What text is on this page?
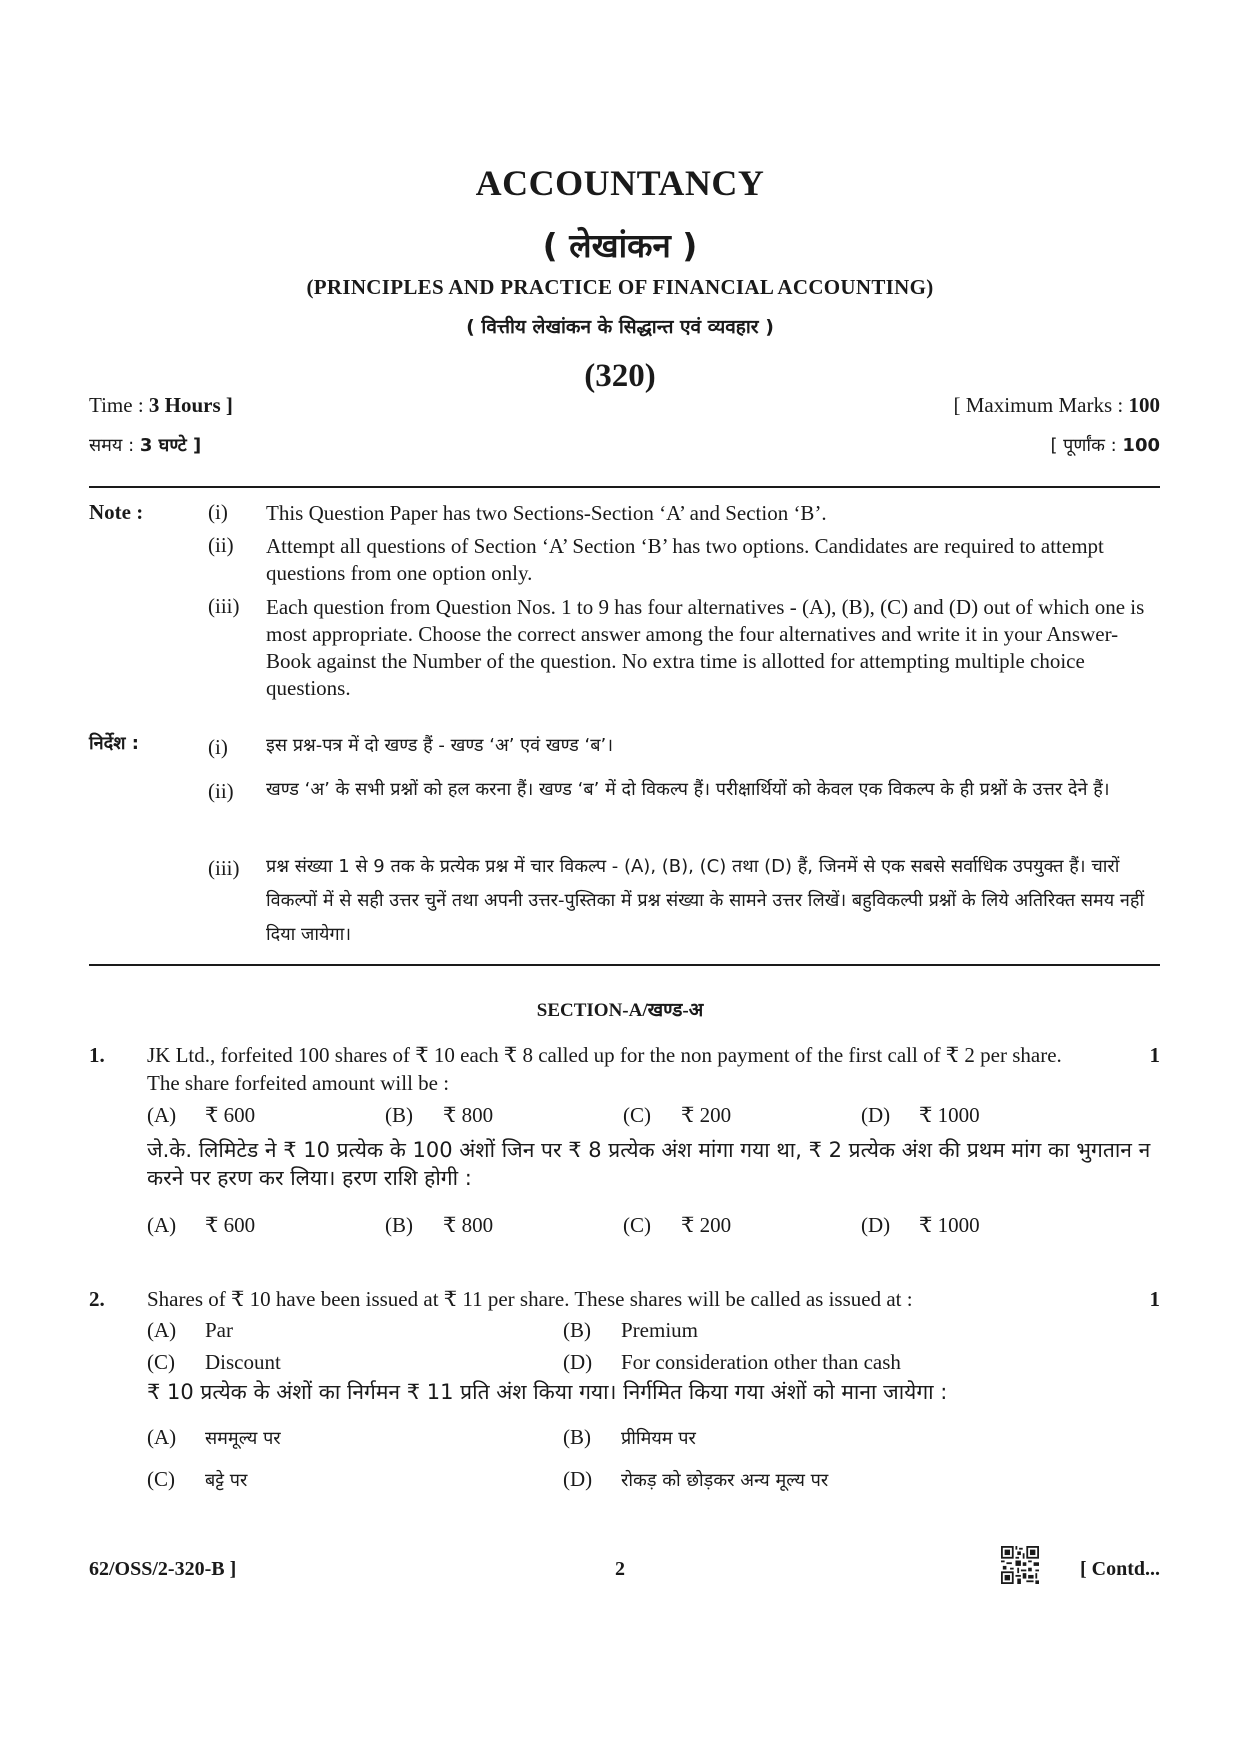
ACCOUNTANCY
( लेखांकन )
(PRINCIPLES AND PRACTICE OF FINANCIAL ACCOUNTING)
( वित्तीय लेखांकन के सिद्धान्त एवं व्यवहार )
(320)
Time : 3 Hours ]	[ Maximum Marks : 100
समय : 3 घण्टे ]	[ पूर्णांक : 100
Note :	(i) This Question Paper has two Sections-Section ‘A’ and Section ‘B’.
(ii) Attempt all questions of Section ‘A’ Section ‘B’ has two options. Candidates are required to attempt questions from one option only.
(iii) Each question from Question Nos. 1 to 9 has four alternatives - (A), (B), (C) and (D) out of which one is most appropriate. Choose the correct answer among the four alternatives and write it in your Answer-Book against the Number of the question. No extra time is allotted for attempting multiple choice questions.
निर्देश :	(i) इस प्रश्न-पत्र में दो खण्ड हैं - खण्ड ‘अ’ एवं खण्ड ‘ब’।
(ii) खण्ड ‘अ’ के सभी प्रश्नों को हल करना हैं। खण्ड ‘ब’ में दो विकल्प हैं। परीक्षार्थियों को केवल एक विकल्प के ही प्रश्नों के उत्तर देने हैं।
(iii) प्रश्न संख्या 1 से 9 तक के प्रत्येक प्रश्न में चार विकल्प - (A), (B), (C) तथा (D) हैं, जिनमें से एक सबसे सर्वाधिक उपयुक्त हैं। चारों विकल्पों में से सही उत्तर चुनें तथा अपनी उत्तर-पुस्तिका में प्रश्न संख्या के सामने उत्तर लिखें। बहुविकल्पी प्रश्नों के लिये अतिरिक्त समय नहीं दिया जायेगा।
SECTION-A/खण्ड-अ
1. JK Ltd., forfeited 100 shares of ₹ 10 each ₹ 8 called up for the non payment of the first call of ₹ 2 per share. The share forfeited amount will be :
1
(A) ₹ 600	(B) ₹ 800	(C) ₹ 200	(D) ₹ 1000
जे.के. लिमिटेड ने ₹ 10 प्रत्येक के 100 अंशों जिन पर ₹ 8 प्रत्येक अंश मांगा गया था, ₹ 2 प्रत्येक अंश की प्रथम मांग का भुगतान न करने पर हरण कर लिया। हरण राशि होगी :
(A) ₹ 600	(B) ₹ 800	(C) ₹ 200	(D) ₹ 1000
2. Shares of ₹ 10 have been issued at ₹ 11 per share. These shares will be called as issued at :	1
(A) Par	(B) Premium
(C) Discount	(D) For consideration other than cash
₹ 10 प्रत्येक के अंशों का निर्गमन ₹ 11 प्रति अंश किया गया। निर्गमित किया गया अंशों को माना जायेगा :
(A) सममूल्य पर	(B) प्रीमियम पर
(C) बट्टे पर	(D) रोकड़ को छोड़कर अन्य मूल्य पर
62/OSS/2-320-B ]	2	[ Contd...
